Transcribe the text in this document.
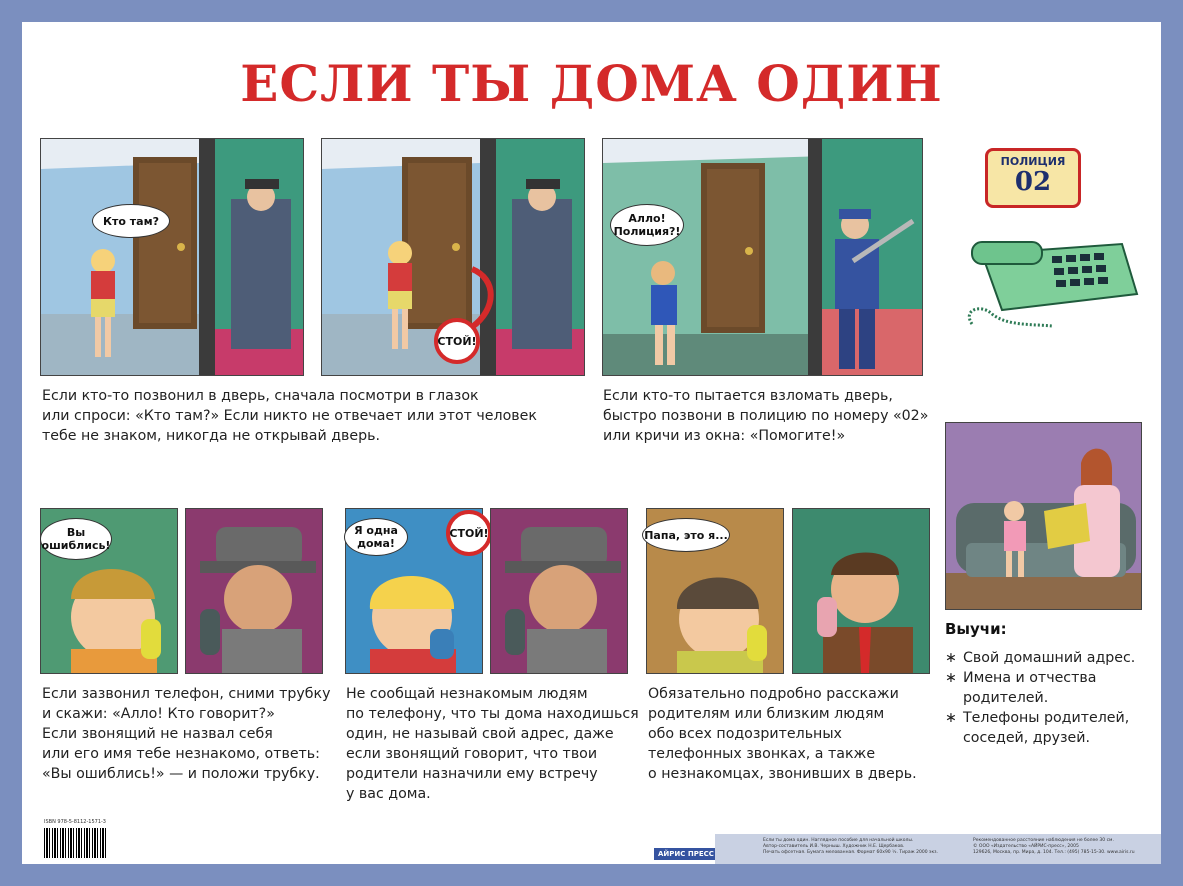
ЕСЛИ ТЫ ДОМА ОДИН
Кто там?
СТОЙ!
Алло! Полиция?!
ПОЛИЦИЯ
02
Если кто-то позвонил в дверь, сначала посмотри в глазок
или спроси: «Кто там?» Если никто не отвечает или этот человек
тебе не знаком, никогда не открывай дверь.
Если кто-то пытается взломать дверь,
быстро позвони в полицию по номеру «02»
или кричи из окна: «Помогите!»
Выучи:
∗ Свой домашний адрес.
∗ Имена и отчества
родителей.
∗ Телефоны родителей,
соседей, друзей.
Вы ошиблись!
Я одна дома!
СТОЙ!	Папа, это я...
Если зазвонил телефон, сними трубку
и скажи: «Алло! Кто говорит?»
Если звонящий не назвал себя
или его имя тебе незнакомо, ответь:
«Вы ошиблись!» — и положи трубку.
Не сообщай незнакомым людям
по телефону, что ты дома находишься
один, не называй свой адрес, даже
если звонящий говорит, что твои
родители назначили ему встречу
у вас дома.
Обязательно подробно расскажи
родителям или близким людям
обо всех подозрительных
телефонных звонках, а также
о незнакомцах, звонивших в дверь.
ISBN 978-5-8112-1571-3
АЙРИС ПРЕСС
Если ты дома один. Наглядное пособие для начальной школы.
Автор-составитель И.В. Черныш. Художник Н.Е. Щербаков.
Печать офсетная. Бумага мелованная. Формат 60х90 ½. Тираж 2000 экз.
Рекомендованное расстояние наблюдения не более 30 см.
© ООО «Издательство «АЙРИС-пресс», 2005
129626, Москва, пр. Мира, д. 104. Тел.: (495) 785-15-30. www.airis.ru
